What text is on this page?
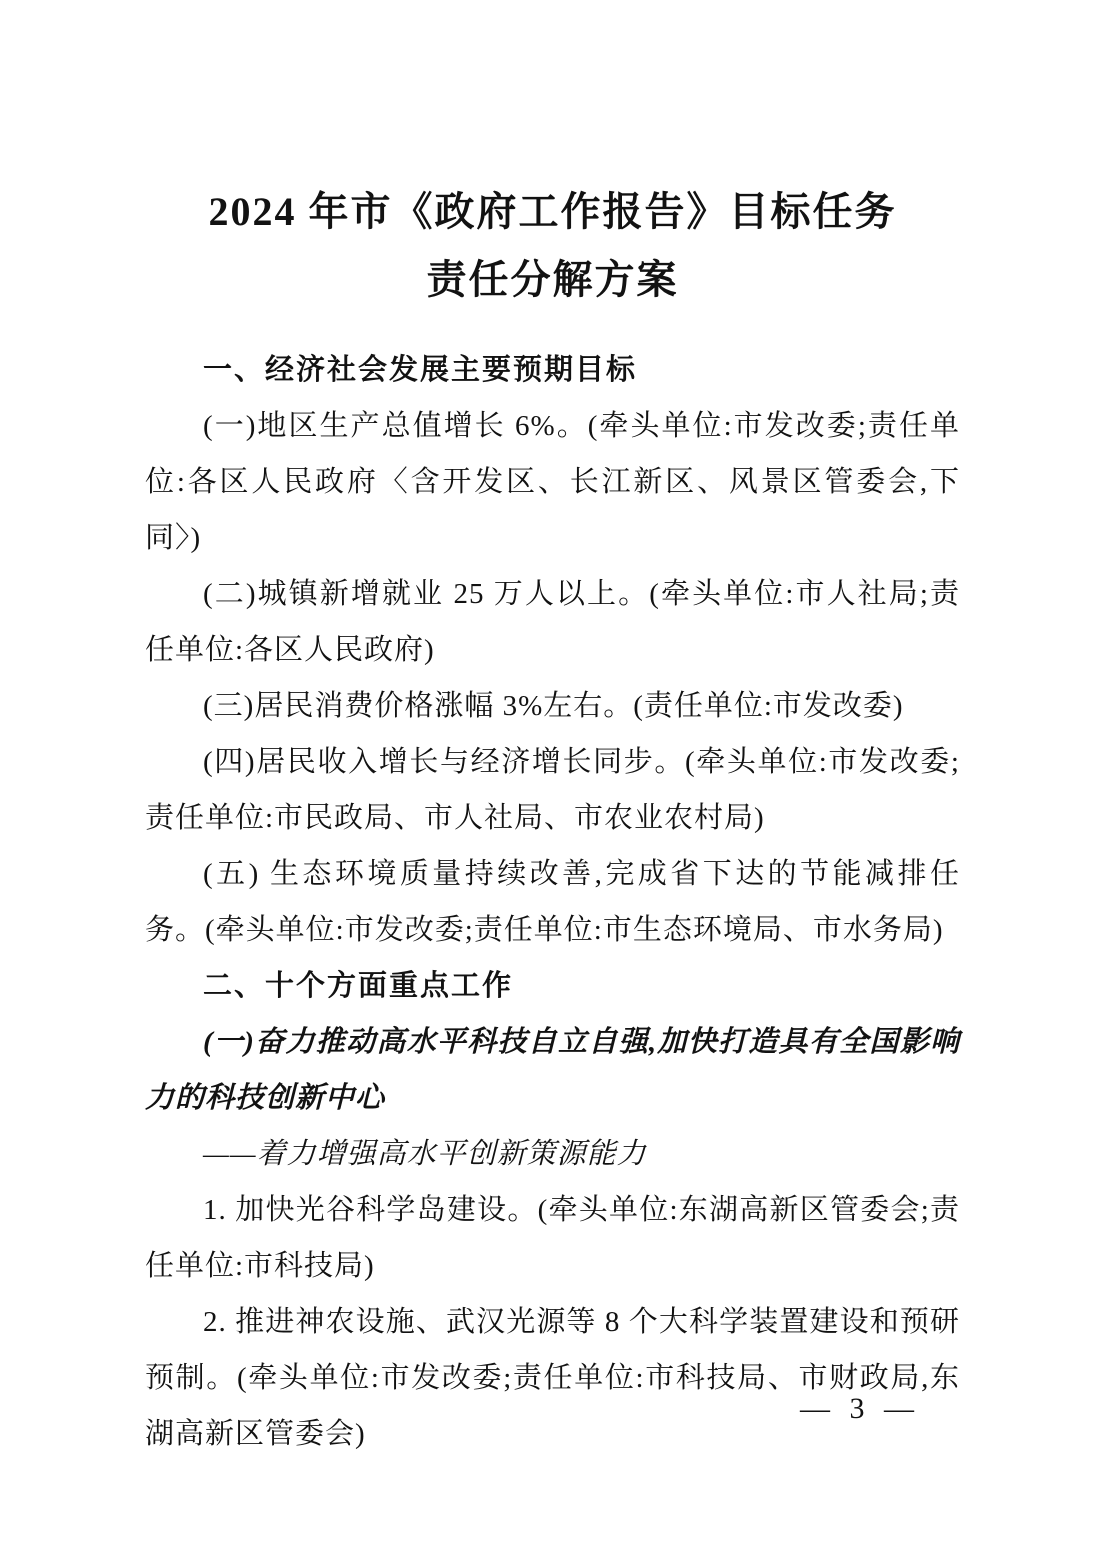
2024 年市《政府工作报告》目标任务
责任分解方案
一、经济社会发展主要预期目标
(一)地区生产总值增长 6%。(牵头单位:市发改委;责任单位:各区人民政府〈含开发区、长江新区、风景区管委会,下同〉)
(二)城镇新增就业 25 万人以上。(牵头单位:市人社局;责任单位:各区人民政府)
(三)居民消费价格涨幅 3%左右。(责任单位:市发改委)
(四)居民收入增长与经济增长同步。(牵头单位:市发改委;责任单位:市民政局、市人社局、市农业农村局)
(五) 生态环境质量持续改善,完成省下达的节能减排任务。(牵头单位:市发改委;责任单位:市生态环境局、市水务局)
二、十个方面重点工作
(一)奋力推动高水平科技自立自强,加快打造具有全国影响力的科技创新中心
——着力增强高水平创新策源能力
1. 加快光谷科学岛建设。(牵头单位:东湖高新区管委会;责任单位:市科技局)
2. 推进神农设施、武汉光源等 8 个大科学装置建设和预研预制。(牵头单位:市发改委;责任单位:市科技局、市财政局,东湖高新区管委会)
— 3 —
